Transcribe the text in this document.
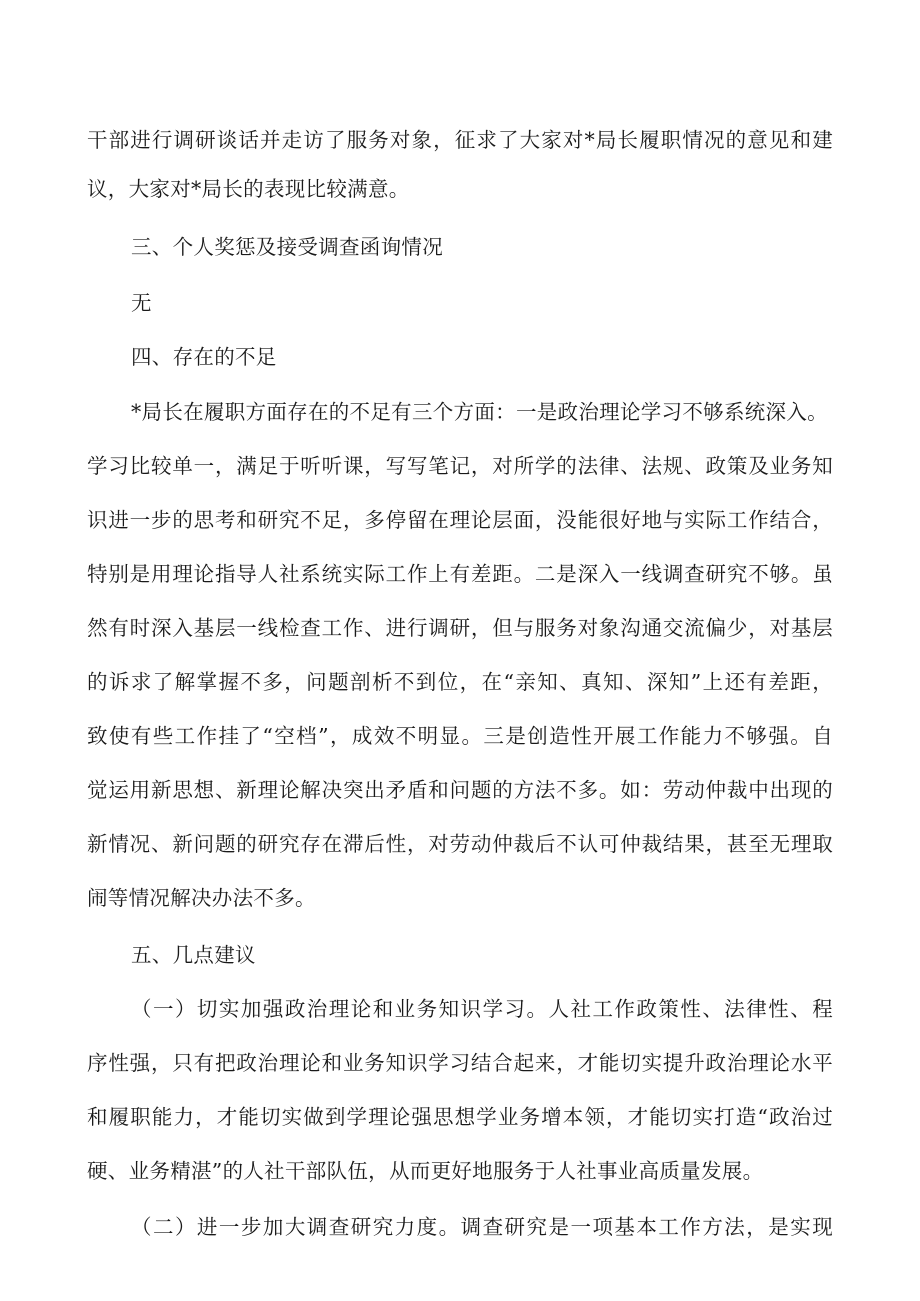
干部进行调研谈话并走访了服务对象，征求了大家对*局长履职情况的意见和建
议，大家对*局长的表现比较满意。
三、个人奖惩及接受调查函询情况
无
四、存在的不足
*局长在履职方面存在的不足有三个方面：一是政治理论学习不够系统深入。
学习比较单一，满足于听听课，写写笔记，对所学的法律、法规、政策及业务知
识进一步的思考和研究不足，多停留在理论层面，没能很好地与实际工作结合，
特别是用理论指导人社系统实际工作上有差距。二是深入一线调查研究不够。虽
然有时深入基层一线检查工作、进行调研，但与服务对象沟通交流偏少，对基层
的诉求了解掌握不多，问题剖析不到位，在“亲知、真知、深知”上还有差距，
致使有些工作挂了“空档”，成效不明显。三是创造性开展工作能力不够强。自
觉运用新思想、新理论解决突出矛盾和问题的方法不多。如：劳动仲裁中出现的
新情况、新问题的研究存在滞后性，对劳动仲裁后不认可仲裁结果，甚至无理取
闹等情况解决办法不多。
五、几点建议
（一）切实加强政治理论和业务知识学习。人社工作政策性、法律性、程
序性强，只有把政治理论和业务知识学习结合起来，才能切实提升政治理论水平
和履职能力，才能切实做到学理论强思想学业务增本领，才能切实打造“政治过
硬、业务精湛”的人社干部队伍，从而更好地服务于人社事业高质量发展。
（二）进一步加大调查研究力度。调查研究是一项基本工作方法，是实现
